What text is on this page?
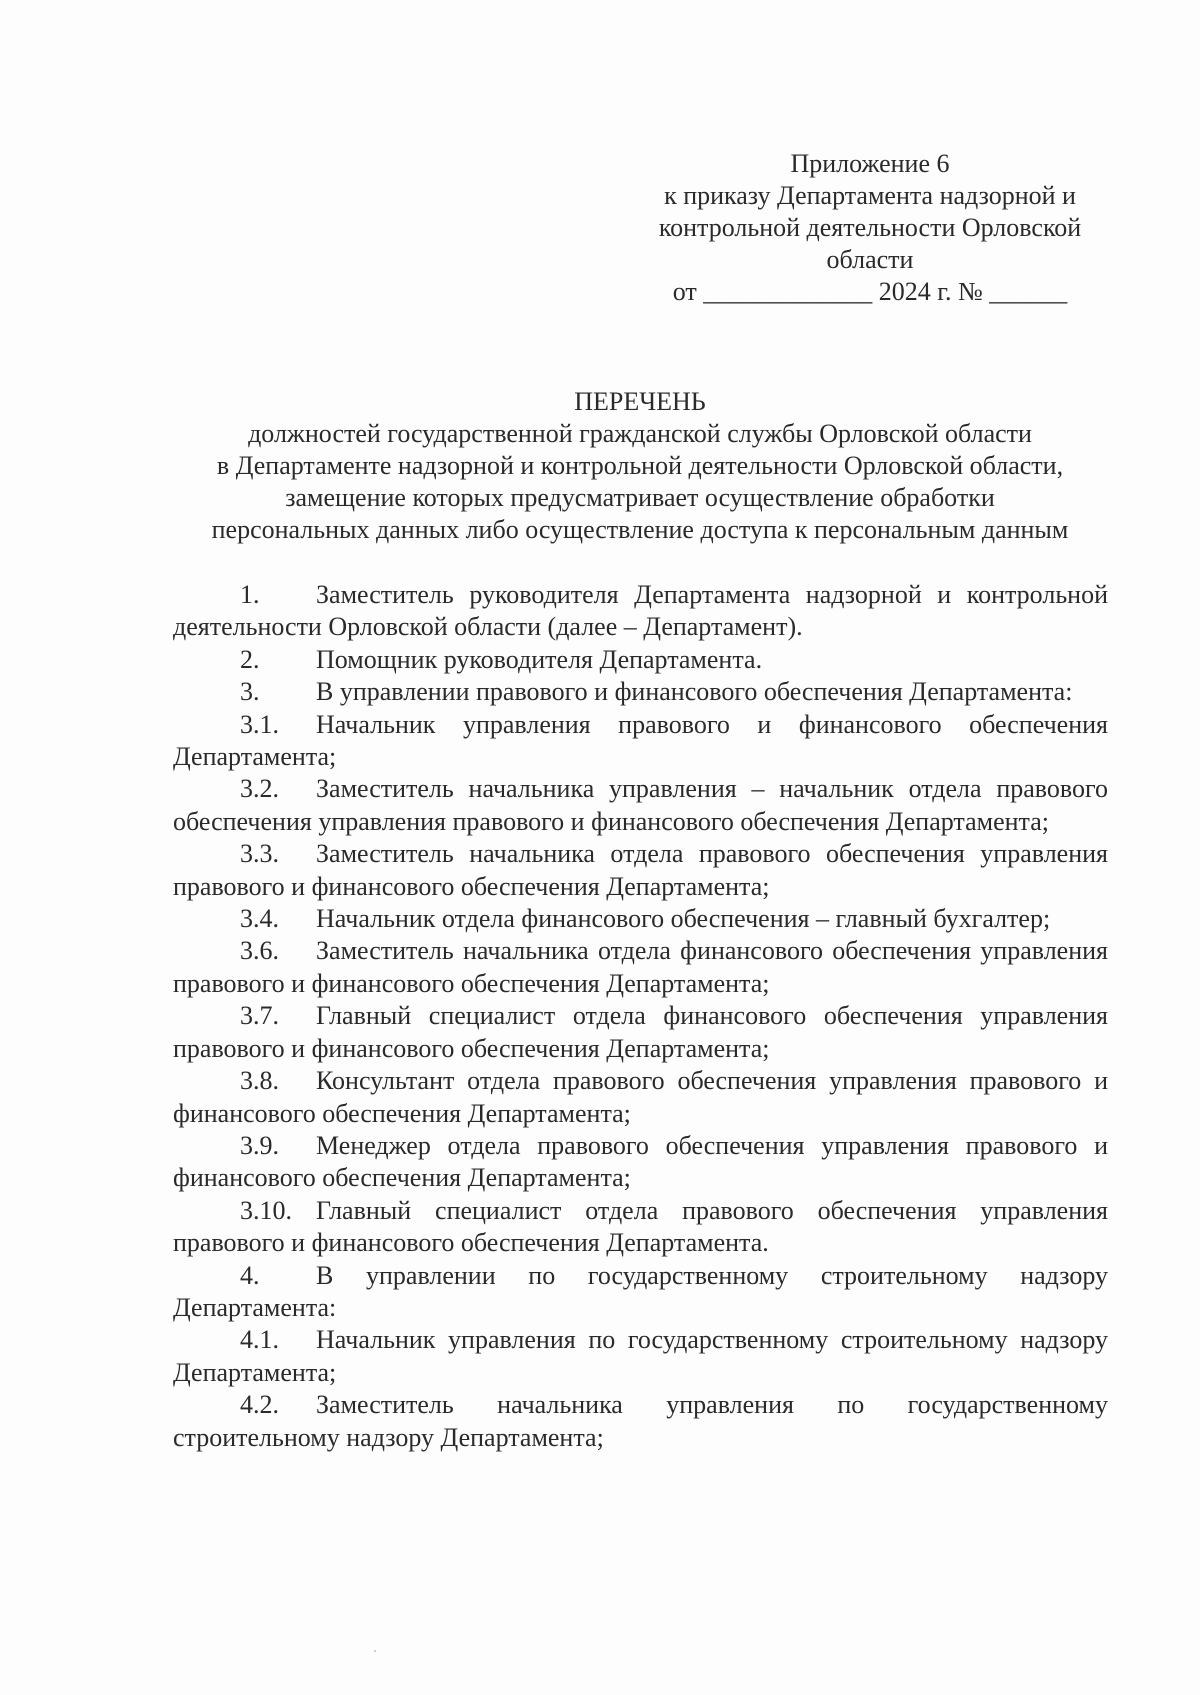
Приложение 6
к приказу Департамента надзорной и
контрольной деятельности Орловской
области
от _____________ 2024 г. № ______
ПЕРЕЧЕНЬ
должностей государственной гражданской службы Орловской области
в Департаменте надзорной и контрольной деятельности Орловской области,
замещение которых предусматривает осуществление обработки
персональных данных либо осуществление доступа к персональным данным

1. Заместитель руководителя Департамента надзорной и контрольной деятельности Орловской области (далее – Департамент).

2. Помощник руководителя Департамента.

3. В управлении правового и финансового обеспечения Департамента:

3.1. Начальник управления правового и финансового обеспечения Департамента;

3.2. Заместитель начальника управления – начальник отдела правового обеспечения управления правового и финансового обеспечения Департамента;

3.3. Заместитель начальника отдела правового обеспечения управления правового и финансового обеспечения Департамента;

3.4. Начальник отдела финансового обеспечения – главный бухгалтер;

3.6. Заместитель начальника отдела финансового обеспечения управления правового и финансового обеспечения Департамента;

3.7. Главный специалист отдела финансового обеспечения управления правового и финансового обеспечения Департамента;

3.8. Консультант отдела правового обеспечения управления правового и финансового обеспечения Департамента;

3.9. Менеджер отдела правового обеспечения управления правового и финансового обеспечения Департамента;

3.10. Главный специалист отдела правового обеспечения управления правового и финансового обеспечения Департамента.

4. В управлении по государственному строительному надзору Департамента:

4.1. Начальник управления по государственному строительному надзору Департамента;

4.2. Заместитель начальника управления по государственному строительному надзору Департамента;
